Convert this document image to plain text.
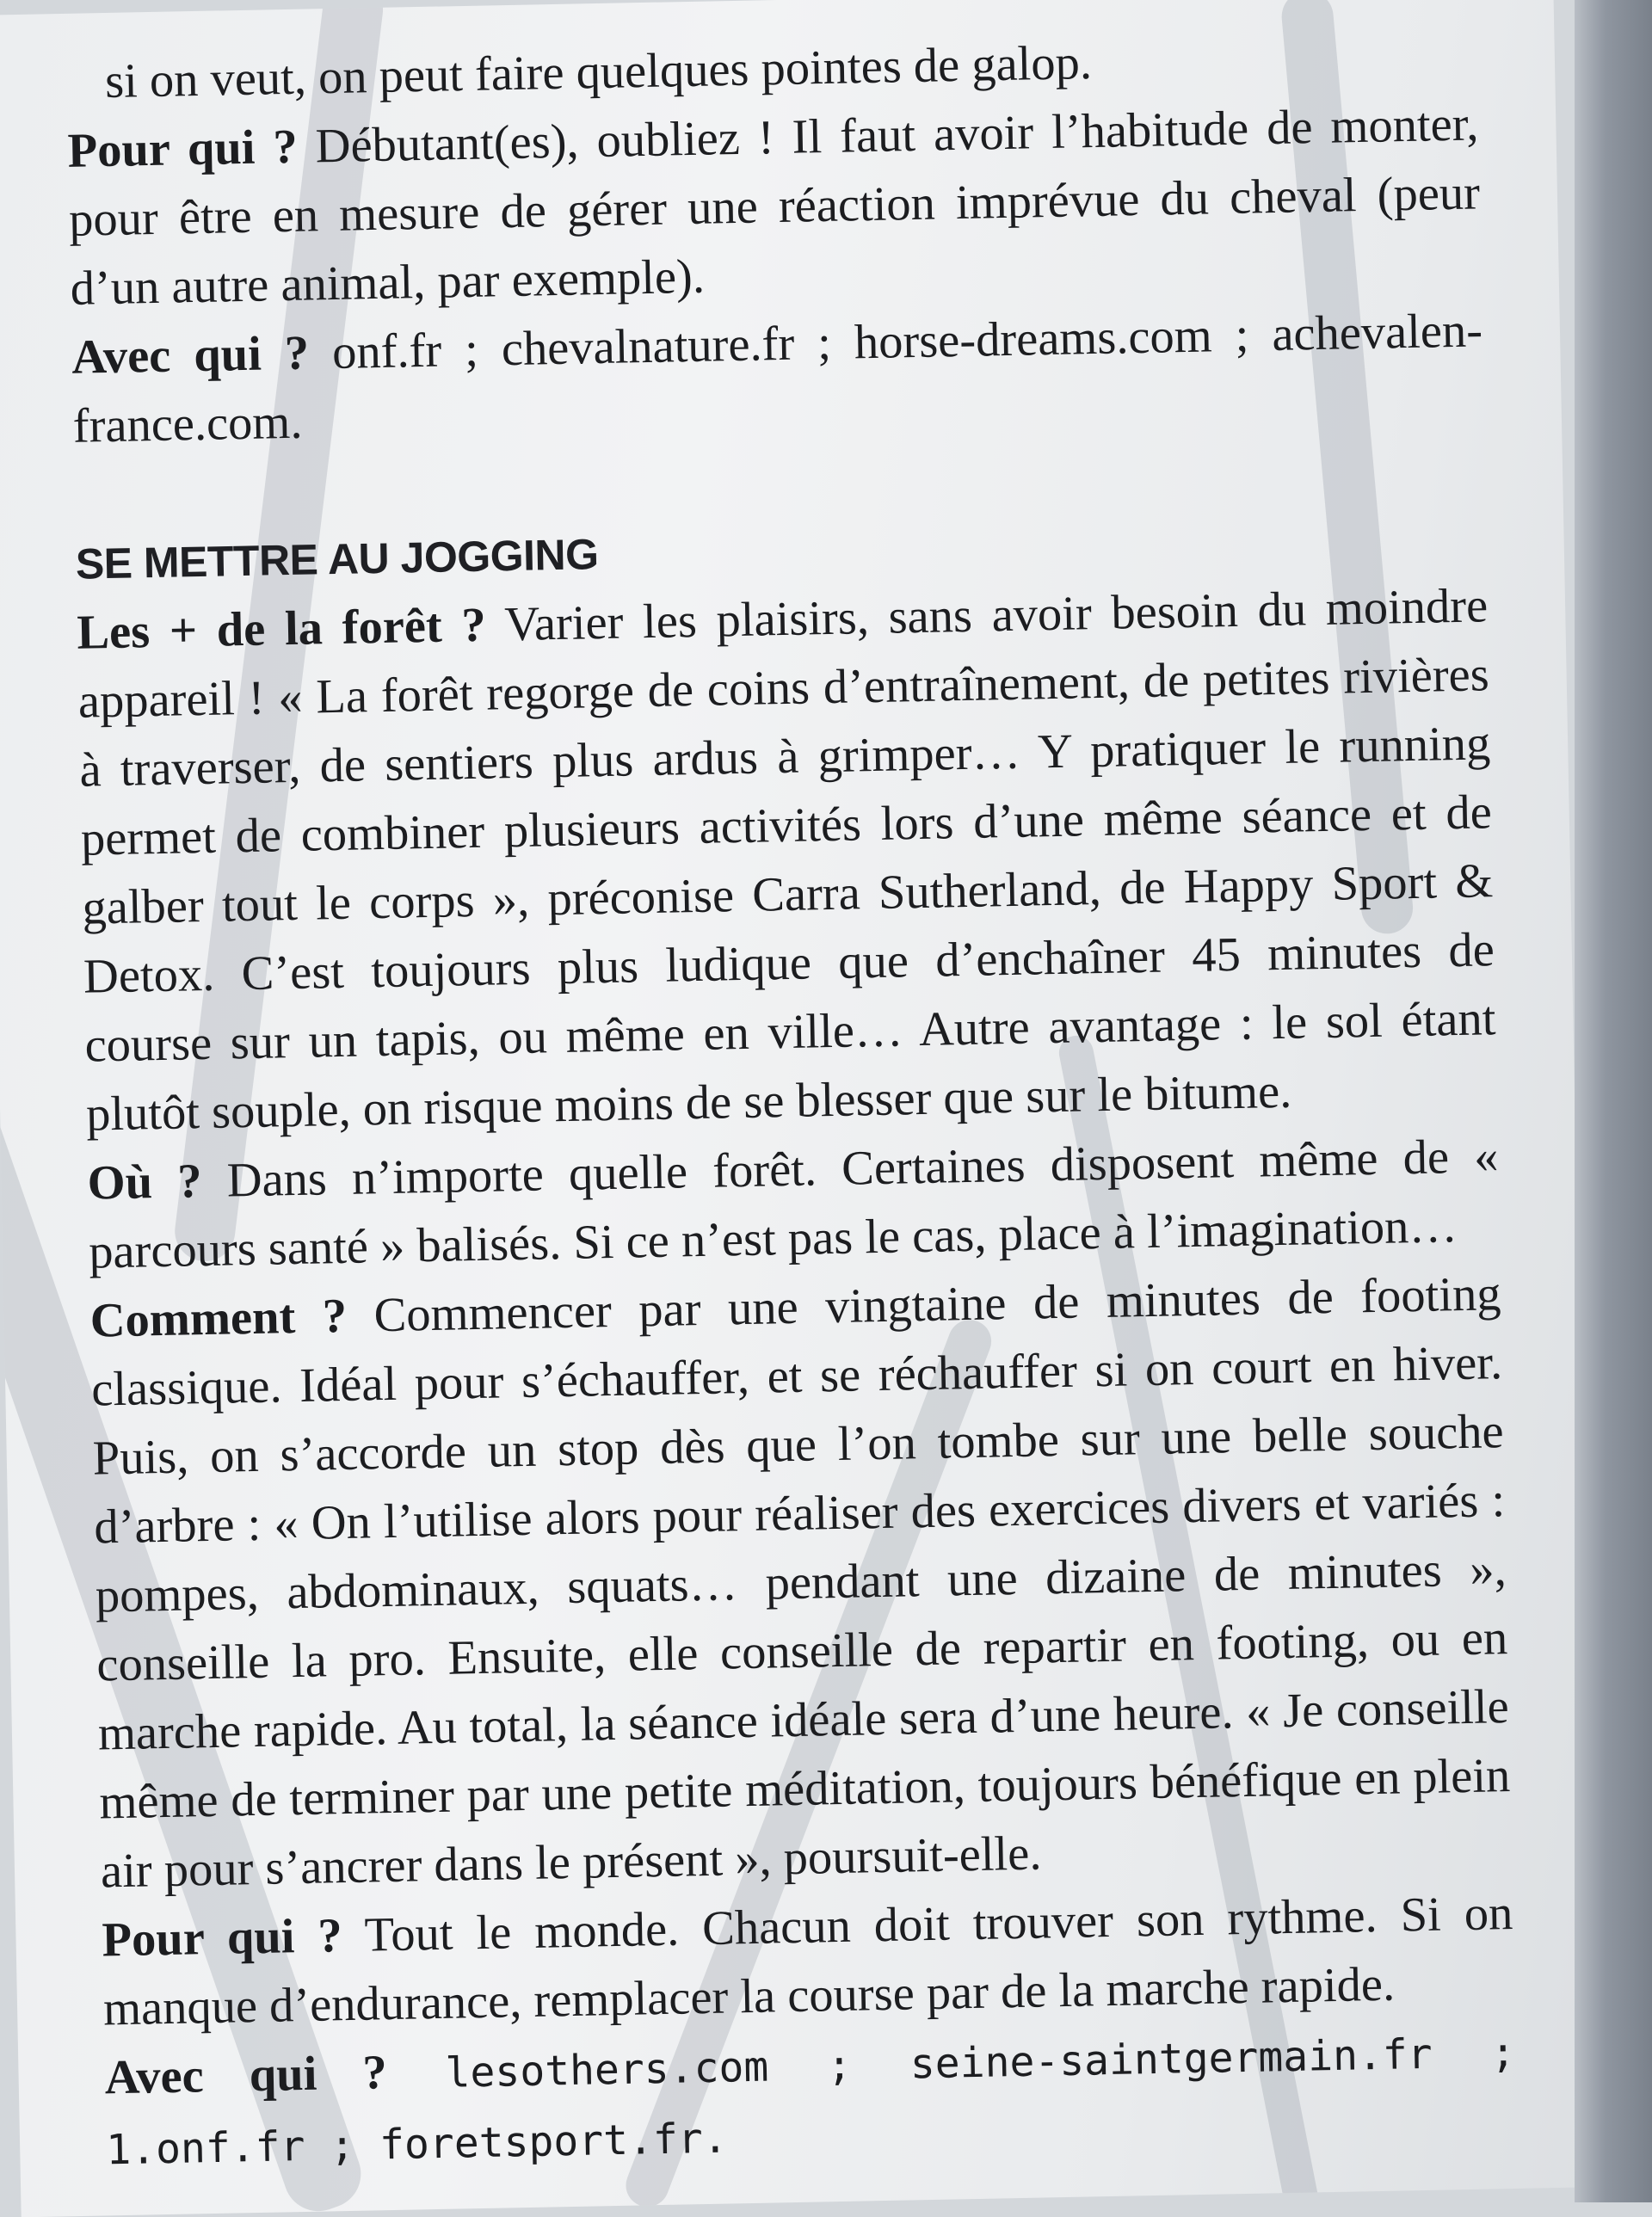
si on veut, on peut faire quelques pointes de galop.

Pour qui ? Débutant(es), oubliez ! Il faut avoir l’habitude de monter, pour être en mesure de gérer une réaction imprévue du cheval (peur d’un autre animal, par exemple).

Avec qui ? onf.fr ; chevalnature.fr ; horse-dreams.com ; achevalen-france.com.

SE METTRE AU JOGGING

Les + de la forêt ? Varier les plaisirs, sans avoir besoin du moindre appareil ! « La forêt regorge de coins d’entraînement, de petites rivières à traverser, de sentiers plus ardus à grimper… Y pratiquer le running permet de combiner plusieurs activités lors d’une même séance et de galber tout le corps », préconise Carra Sutherland, de Happy Sport & Detox. C’est toujours plus ludique que d’enchaîner 45 minutes de course sur un tapis, ou même en ville… Autre avantage : le sol étant plutôt souple, on risque moins de se blesser que sur le bitume.

Où ? Dans n’importe quelle forêt. Certaines disposent même de « parcours santé » balisés. Si ce n’est pas le cas, place à l’imagination…

Comment ? Commencer par une vingtaine de minutes de footing classique. Idéal pour s’échauffer, et se réchauffer si on court en hiver. Puis, on s’accorde un stop dès que l’on tombe sur une belle souche d’arbre : « On l’utilise alors pour réaliser des exercices divers et variés : pompes, abdominaux, squats… pendant une dizaine de minutes », conseille la pro. Ensuite, elle conseille de repartir en footing, ou en marche rapide. Au total, la séance idéale sera d’une heure. « Je conseille même de terminer par une petite méditation, toujours bénéfique en plein air pour s’ancrer dans le présent », poursuit-elle.

Pour qui ? Tout le monde. Chacun doit trouver son rythme. Si on manque d’endurance, remplacer la course par de la marche rapide.

Avec qui ? lesothers.com ; seine-saintgermain.fr ; 1.onf.fr ; foretsport.fr.
